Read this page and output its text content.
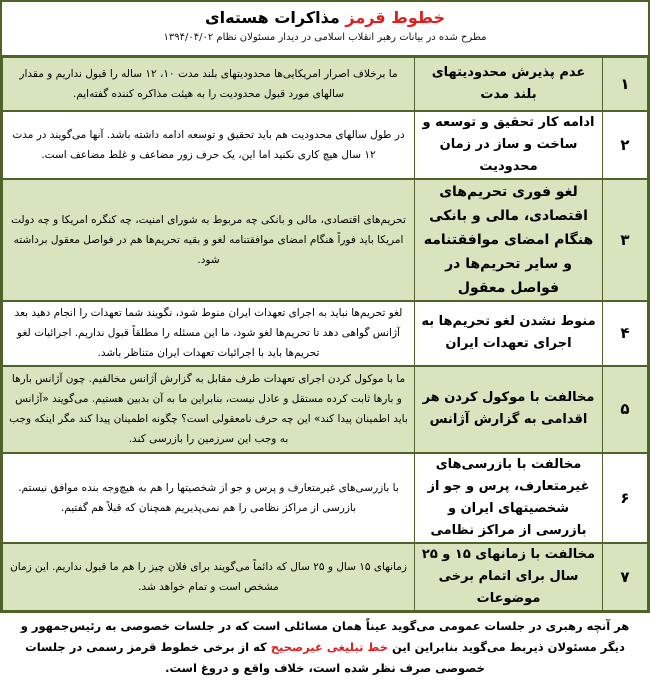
خطوط قرمز مذاکرات هسته‌ای
مطرح شده در بیانات رهبر انقلاب اسلامی در دیدار مسئولان نظام ۱۳۹۴/۰۴/۰۲
۱	عدم پذیرش محدودیتهای بلند مدت	ما برخلاف اصرار امریکایی‌ها محدودیتهای بلند مدت ۱۰، ۱۲ ساله را قبول نداریم و مقدار سالهای مورد قبول محدودیت را به هیئت مذاکره کننده گفته‌ایم.
۲	ادامه کار تحقیق و توسعه و ساخت و ساز در زمان محدودیت	در طول سالهای محدودیت هم باید تحقیق و توسعه ادامه داشته باشد. آنها می‌گویند در مدت ۱۲ سال هیچ کاری نکنید اما این، یک حرف زور مضاعف و غلط مضاعف است.
۳	لغو فوری تحریم‌های اقتصادی، مالی و بانکی هنگام امضای موافقتنامه و سایر تحریم‌ها در فواصل معقول	تحریم‌های اقتصادی، مالی و بانکی چه مربوط به شورای امنیت، چه کنگره امریکا و چه دولت امریکا باید فوراً هنگام امضای موافقتنامه لغو و بقیه تحریم‌ها هم در فواصل معقول برداشته شود.
۴	منوط نشدن لغو تحریم‌ها به اجرای تعهدات ایران	لغو تحریم‌ها نباید به اجرای تعهدات ایران منوط شود، نگویند شما تعهدات را انجام دهید بعد آژانس گواهی دهد تا تحریم‌ها لغو شود، ما این مسئله را مطلقاً قبول نداریم. اجرائیات لغو تحریم‌ها باید با اجرائیات تعهدات ایران متناظر باشد.
۵	مخالفت با موکول کردن هر اقدامی به گزارش آژانس	ما با موکول کردن اجرای تعهدات طرف مقابل به گزارش آژانس مخالفیم. چون آژانس بارها و بارها ثابت کرده مستقل و عادل نیست، بنابراین ما به آن بدبین هستیم. می‌گویند «آژانس باید اطمینان پیدا کند» این چه حرف نامعقولی است؟ چگونه اطمینان پیدا کند مگر اینکه وجب به وجب این سرزمین را بازرسی کند.
۶	مخالفت با بازرسی‌های غیرمتعارف، پرس و جو از شخصیتهای ایران و بازرسی از مراکز نظامی	با بازرسی‌های غیرمتعارف و پرس و جو از شخصیتها را هم به هیچ‌وجه بنده موافق نیستم. بازرسی از مراکز نظامی را هم نمی‌پذیریم همچنان که قبلاً هم گفتیم.
۷	مخالفت با زمانهای ۱۵ و ۲۵ سال برای اتمام برخی موضوعات	زمانهای ۱۵ سال و ۲۵ سال که دائماً می‌گویند برای فلان چیز را هم ما قبول نداریم. این زمان مشخص است و تمام خواهد شد.
هر آنچه رهبری در جلسات عمومی می‌گوید عیناً همان مسائلی است که در جلسات خصوصی به رئیس‌جمهور و دیگر مسئولان ذیربط می‌گوید بنابراین این خط تبلیغی غیرصحیح که از برخی خطوط قرمز رسمی در جلسات خصوصی صرف نظر شده است، خلاف واقع و دروغ است.
